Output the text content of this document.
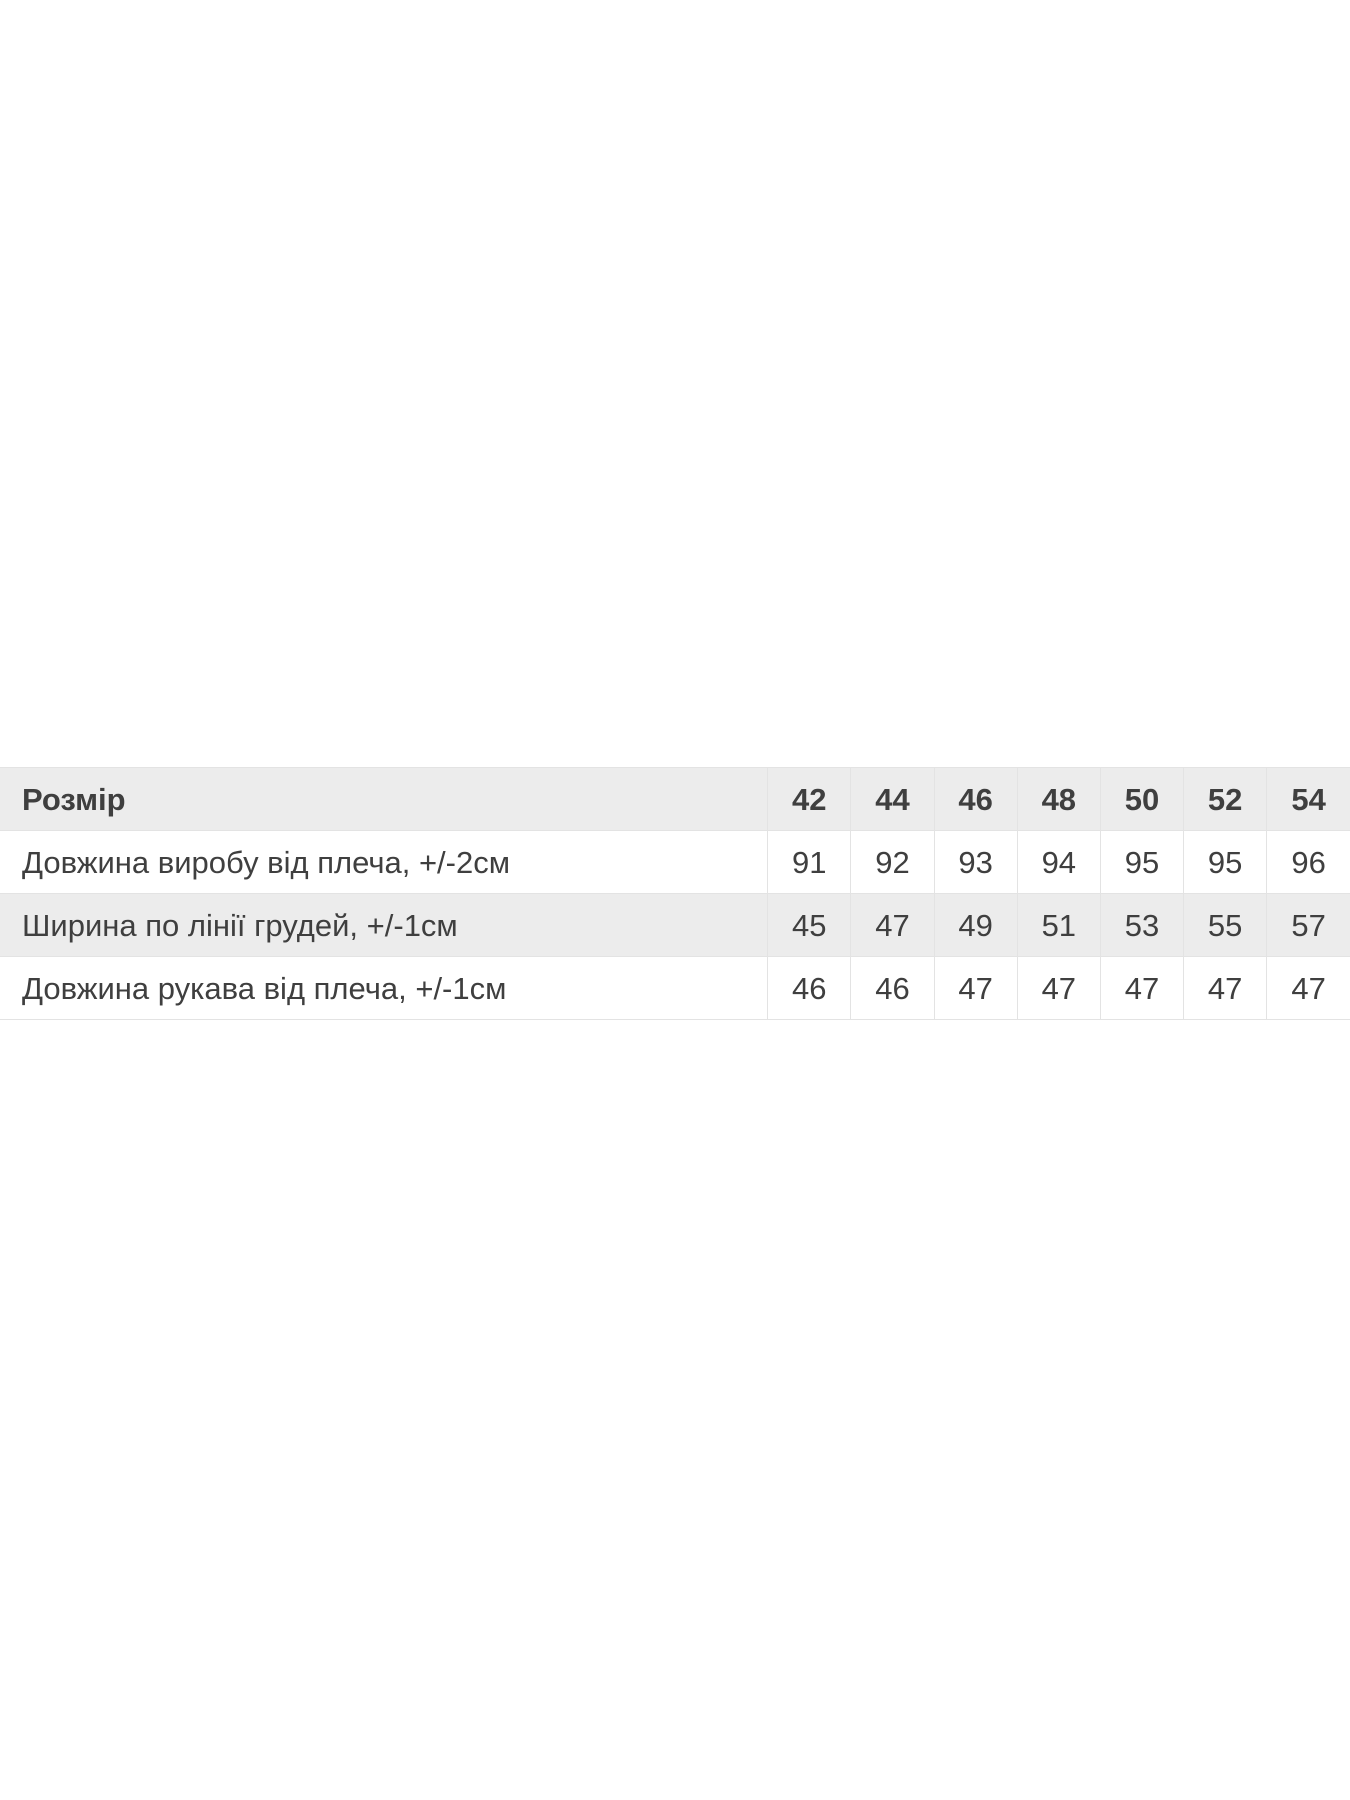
Розмір	42	44	46	48	50	52	54
Довжина виробу від плеча, +/-2см	91	92	93	94	95	95	96
Ширина по лінії грудей, +/-1см	45	47	49	51	53	55	57
Довжина рукава від плеча, +/-1см	46	46	47	47	47	47	47
